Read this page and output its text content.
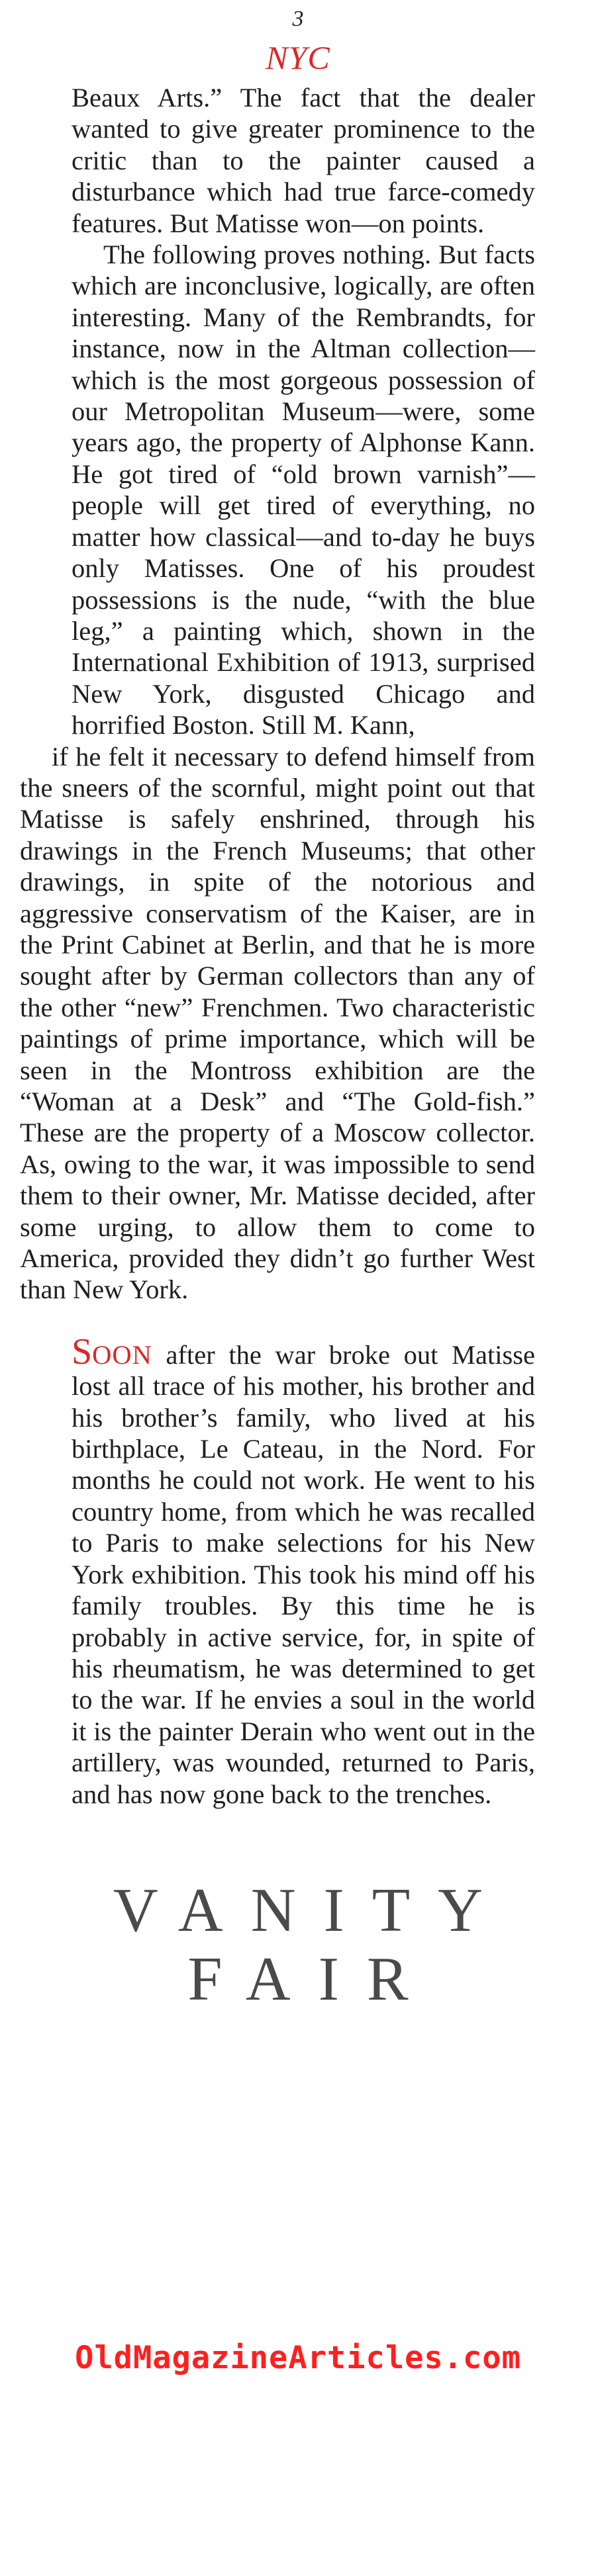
3
NYC

Beaux Arts.” The fact that the dealer wanted to give greater prominence to the critic than to the painter caused a disturbance which had true farce-comedy features. But Matisse won—on points.

The following proves nothing. But facts which are inconclusive, logically, are often interesting. Many of the Rembrandts, for instance, now in the Altman collection—which is the most gorgeous possession of our Metropolitan Museum—were, some years ago, the property of Alphonse Kann. He got tired of “old brown varnish”—people will get tired of everything, no matter how classical—and to-day he buys only Matisses. One of his proudest possessions is the nude, “with the blue leg,” a painting which, shown in the International Exhibition of 1913, surprised New York, disgusted Chicago and horrified Boston. Still M. Kann,

if he felt it necessary to defend himself from the sneers of the scornful, might point out that Matisse is safely enshrined, through his drawings in the French Museums; that other drawings, in spite of the notorious and aggressive conservatism of the Kaiser, are in the Print Cabinet at Berlin, and that he is more sought after by German collectors than any of the other “new” Frenchmen. Two characteristic paintings of prime importance, which will be seen in the Montross exhibition are the “Woman at a Desk” and “The Gold-fish.” These are the property of a Moscow collector. As, owing to the war, it was impossible to send them to their owner, Mr. Matisse decided, after some urging, to allow them to come to America, provided they didn’t go further West than New York.

SOON after the war broke out Matisse lost all trace of his mother, his brother and his brother’s family, who lived at his birthplace, Le Cateau, in the Nord. For months he could not work. He went to his country home, from which he was recalled to Paris to make selections for his New York exhibition. This took his mind off his family troubles. By this time he is probably in active service, for, in spite of his rheumatism, he was determined to get to the war. If he envies a soul in the world it is the painter Derain who went out in the artillery, was wounded, returned to Paris, and has now gone back to the trenches.

VANITY
FAIR
OldMagazineArticles.com
